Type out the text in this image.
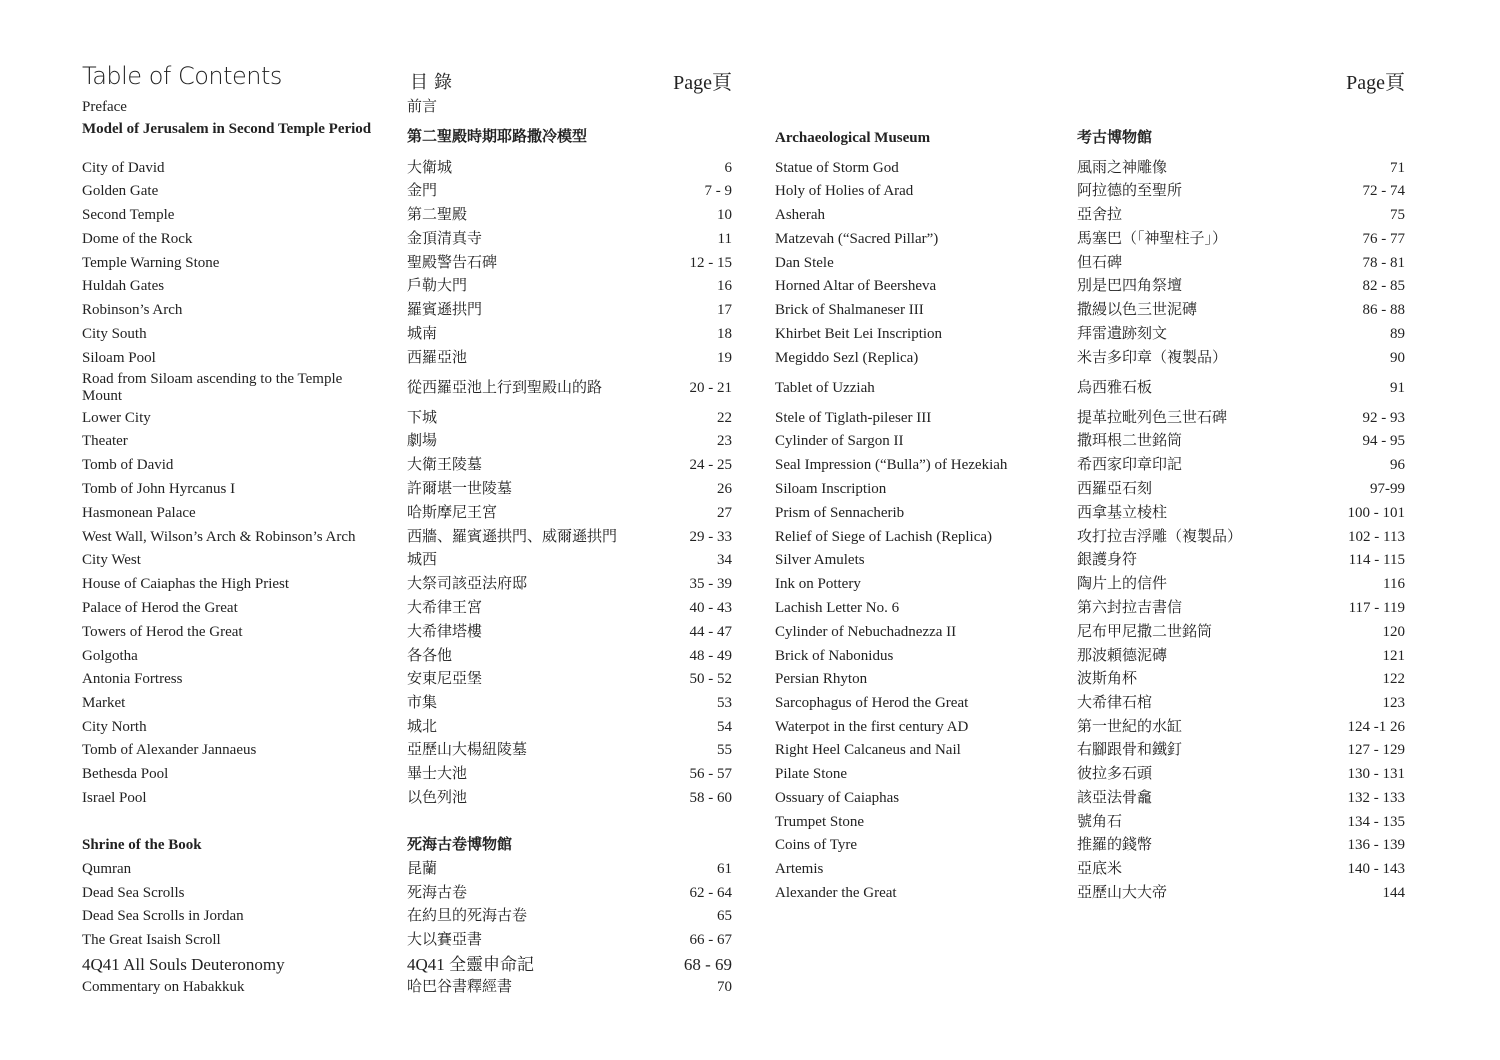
Table of Contents	目錄	Page頁
Preface	前言
Model of Jerusalem in Second Temple Period	第二聖殿時期耶路撒冷模型
City of David	大衛城	6
Golden Gate	金門	7 - 9
Second Temple	第二聖殿	10
Dome of the Rock	金頂清真寺	11
Temple Warning Stone	聖殿警告石碑	12 - 15
Huldah Gates	戶勒大門	16
Robinson’s Arch	羅賓遜拱門	17
City South	城南	18
Siloam Pool	西羅亞池	19
Road from Siloam ascending to the Temple Mount	從西羅亞池上行到聖殿山的路	20 - 21
Lower City	下城	22
Theater	劇場	23
Tomb of David	大衛王陵墓	24 - 25
Tomb of John Hyrcanus I	許爾堪一世陵墓	26
Hasmonean Palace	哈斯摩尼王宮	27
West Wall, Wilson’s Arch & Robinson’s Arch	西牆、羅賓遜拱門、威爾遜拱門	29 - 33
City West	城西	34
House of Caiaphas the High Priest	大祭司該亞法府邸	35 - 39
Palace of Herod the Great	大希律王宮	40 - 43
Towers of Herod the Great	大希律塔樓	44 - 47
Golgotha	各各他	48 - 49
Antonia Fortress	安東尼亞堡	50 - 52
Market	市集	53
City North	城北	54
Tomb of Alexander Jannaeus	亞歷山大楊紐陵墓	55
Bethesda Pool	畢士大池	56 - 57
Israel Pool	以色列池	58 - 60
Shrine of the Book	死海古卷博物館
Qumran	昆蘭	61
Dead Sea Scrolls	死海古卷	62 - 64
Dead Sea Scrolls in Jordan	在約旦的死海古卷	65
The Great Isaish Scroll	大以賽亞書	66 - 67
4Q41 All Souls Deuteronomy	4Q41 全靈申命記	68 - 69
Commentary on Habakkuk	哈巴谷書釋經書	70
Page頁
Archaeological Museum	考古博物館
Statue of Storm God	風雨之神雕像	71
Holy of Holies of Arad	阿拉德的至聖所	72 - 74
Asherah	亞舍拉	75
Matzevah (“Sacred Pillar”)	馬塞巴（「神聖柱子」）	76 - 77
Dan Stele	但石碑	78 - 81
Horned Altar of Beersheva	別是巴四角祭壇	82 - 85
Brick of Shalmaneser III	撒縵以色三世泥磚	86 - 88
Khirbet Beit Lei Inscription	拜雷遺跡刻文	89
Megiddo Sezl (Replica)	米吉多印章（複製品）	90
Tablet of Uzziah	烏西雅石板	91
Stele of Tiglath-pileser III	提革拉毗列色三世石碑	92 - 93
Cylinder of Sargon II	撒珥根二世銘筒	94 - 95
Seal Impression (“Bulla”) of Hezekiah	希西家印章印記	96
Siloam Inscription	西羅亞石刻	97-99
Prism of Sennacherib	西拿基立棱柱	100 - 101
Relief of Siege of Lachish (Replica)	攻打拉吉浮雕（複製品）	102 - 113
Silver Amulets	銀護身符	114 - 115
Ink on Pottery	陶片上的信件	116
Lachish Letter No. 6	第六封拉吉書信	117 - 119
Cylinder of Nebuchadnezza II	尼布甲尼撒二世銘筒	120
Brick of Nabonidus	那波頼德泥磚	121
Persian Rhyton	波斯角杯	122
Sarcophagus of Herod the Great	大希律石棺	123
Waterpot in the first century AD	第一世紀的水缸	124 -1 26
Right Heel Calcaneus and Nail	右腳跟骨和鐵釘	127 - 129
Pilate Stone	彼拉多石頭	130 - 131
Ossuary of Caiaphas	該亞法骨龕	132 - 133
Trumpet Stone	號角石	134 - 135
Coins of Tyre	推羅的錢幣	136 - 139
Artemis	亞底米	140 - 143
Alexander the Great	亞歷山大大帝	144
